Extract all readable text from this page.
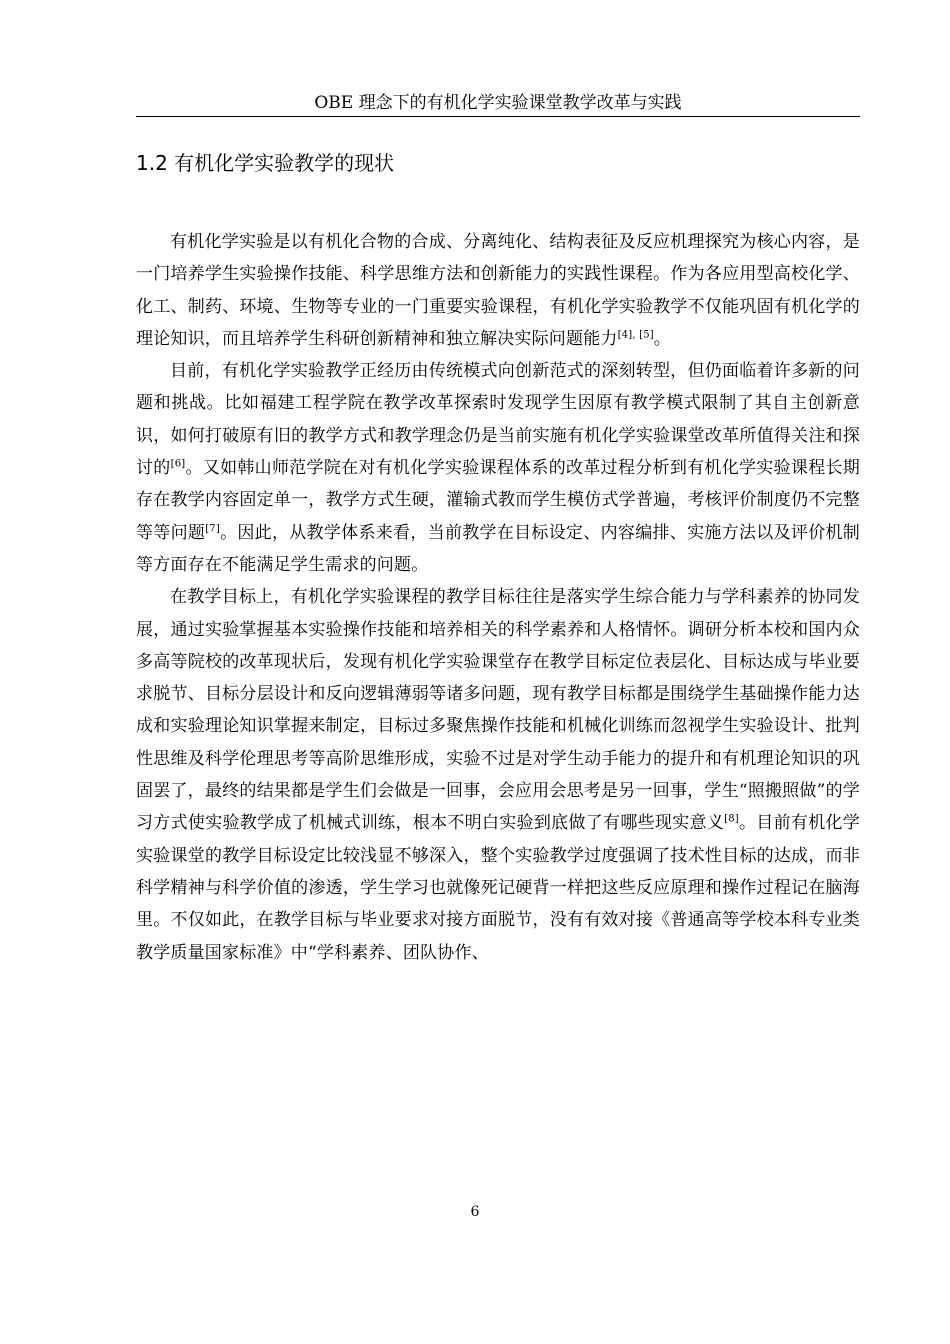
OBE 理念下的有机化学实验课堂教学改革与实践
1.2 有机化学实验教学的现状

有机化学实验是以有机化合物的合成、分离纯化、结构表征及反应机理探究为核心内容，是一门培养学生实验操作技能、科学思维方法和创新能力的实践性课程。作为各应用型高校化学、化工、制药、环境、生物等专业的一门重要实验课程，有机化学实验教学不仅能巩固有机化学的理论知识，而且培养学生科研创新精神和独立解决实际问题能力[4], [5]。

目前，有机化学实验教学正经历由传统模式向创新范式的深刻转型，但仍面临着许多新的问题和挑战。比如福建工程学院在教学改革探索时发现学生因原有教学模式限制了其自主创新意识，如何打破原有旧的教学方式和教学理念仍是当前实施有机化学实验课堂改革所值得关注和探讨的[6]。又如韩山师范学院在对有机化学实验课程体系的改革过程分析到有机化学实验课程长期存在教学内容固定单一，教学方式生硬，灌输式教而学生模仿式学普遍，考核评价制度仍不完整等等问题[7]。因此，从教学体系来看，当前教学在目标设定、内容编排、实施方法以及评价机制等方面存在不能满足学生需求的问题。

在教学目标上，有机化学实验课程的教学目标往往是落实学生综合能力与学科素养的协同发展，通过实验掌握基本实验操作技能和培养相关的科学素养和人格情怀。调研分析本校和国内众多高等院校的改革现状后，发现有机化学实验课堂存在教学目标定位表层化、目标达成与毕业要求脱节、目标分层设计和反向逻辑薄弱等诸多问题，现有教学目标都是围绕学生基础操作能力达成和实验理论知识掌握来制定，目标过多聚焦操作技能和机械化训练而忽视学生实验设计、批判性思维及科学伦理思考等高阶思维形成，实验不过是对学生动手能力的提升和有机理论知识的巩固罢了，最终的结果都是学生们会做是一回事，会应用会思考是另一回事，学生“照搬照做”的学习方式使实验教学成了机械式训练，根本不明白实验到底做了有哪些现实意义[8]。目前有机化学实验课堂的教学目标设定比较浅显不够深入，整个实验教学过度强调了技术性目标的达成，而非科学精神与科学价值的渗透，学生学习也就像死记硬背一样把这些反应原理和操作过程记在脑海里。不仅如此，在教学目标与毕业要求对接方面脱节，没有有效对接《普通高等学校本科专业类教学质量国家标准》中“学科素养、团队协作、

6
